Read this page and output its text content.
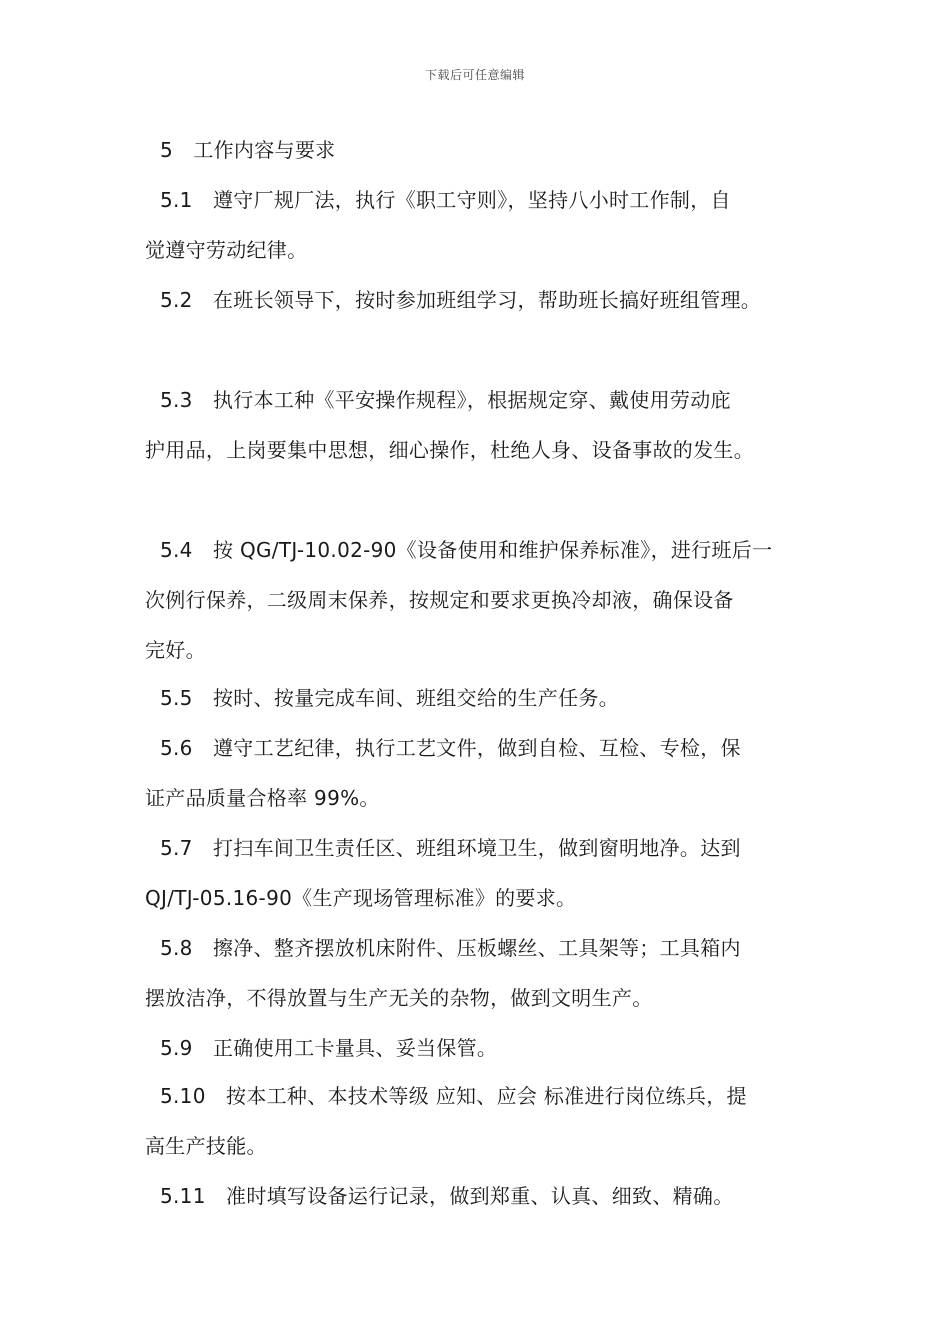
下载后可任意编辑
5　工作内容与要求
5.1　遵守厂规厂法，执行《职工守则》，坚持八小时工作制，自
觉遵守劳动纪律。
5.2　在班长领导下，按时参加班组学习，帮助班长搞好班组管理。
5.3　执行本工种《平安操作规程》，根据规定穿、戴使用劳动庇
护用品，上岗要集中思想，细心操作，杜绝人身、设备事故的发生。
5.4　按 QG/TJ-10.02-90《设备使用和维护保养标准》，进行班后一
次例行保养，二级周末保养，按规定和要求更换冷却液，确保设备
完好。
5.5　按时、按量完成车间、班组交给的生产任务。
5.6　遵守工艺纪律，执行工艺文件，做到自检、互检、专检，保
证产品质量合格率 99%。
5.7　打扫车间卫生责任区、班组环境卫生，做到窗明地净。达到
QJ/TJ-05.16-90《生产现场管理标准》的要求。
5.8　擦净、整齐摆放机床附件、压板螺丝、工具架等；工具箱内
摆放洁净，不得放置与生产无关的杂物，做到文明生产。
5.9　正确使用工卡量具、妥当保管。
5.10　按本工种、本技术等级 应知、应会 标准进行岗位练兵，提
高生产技能。
5.11　准时填写设备运行记录，做到郑重、认真、细致、精确。
